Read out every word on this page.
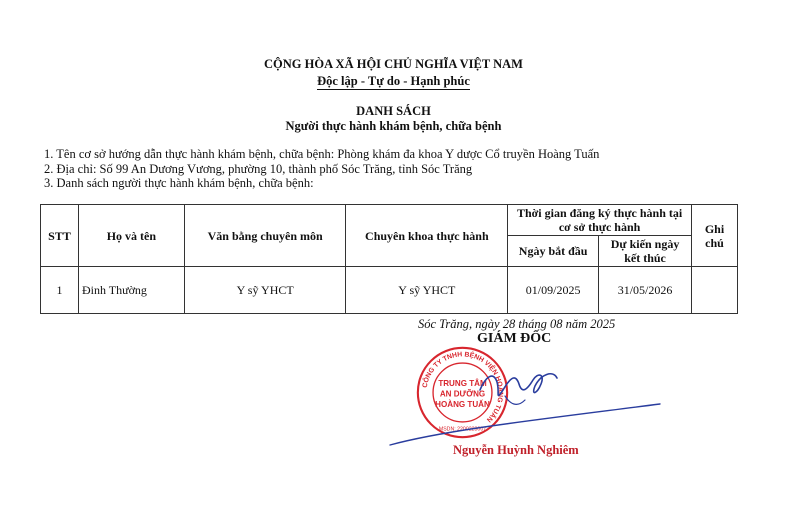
CỘNG HÒA XÃ HỘI CHỦ NGHĨA VIỆT NAM
Độc lập - Tự do - Hạnh phúc
DANH SÁCH
Người thực hành khám bệnh, chữa bệnh
1. Tên cơ sở hướng dẫn thực hành khám bệnh, chữa bệnh: Phòng khám đa khoa Y dược Cổ truyền Hoàng Tuấn
2. Địa chỉ: Số 99 An Dương Vương, phường 10, thành phố Sóc Trăng, tỉnh Sóc Trăng
3. Danh sách người thực hành khám bệnh, chữa bệnh:
STT	Họ và tên	Văn bằng chuyên môn	Chuyên khoa thực hành	Thời gian đăng ký thực hành tại cơ sở thực hành		Ghi chú
				Ngày bắt đầu	Dự kiến ngày kết thúc	
1	Đinh Thường	Y sỹ YHCT	Y sỹ YHCT	01/09/2025	31/05/2026	
Sóc Trăng, ngày 28 tháng 08 năm 2025
GIÁM ĐỐC
CÔNG TY TNHH BỆNH VIỆN HOÀNG TUẤN
TRUNG TÂM
AN DƯỠNG
HOÀNG TUẤN
MSDN: 2200223007
Nguyễn Huỳnh Nghiêm
